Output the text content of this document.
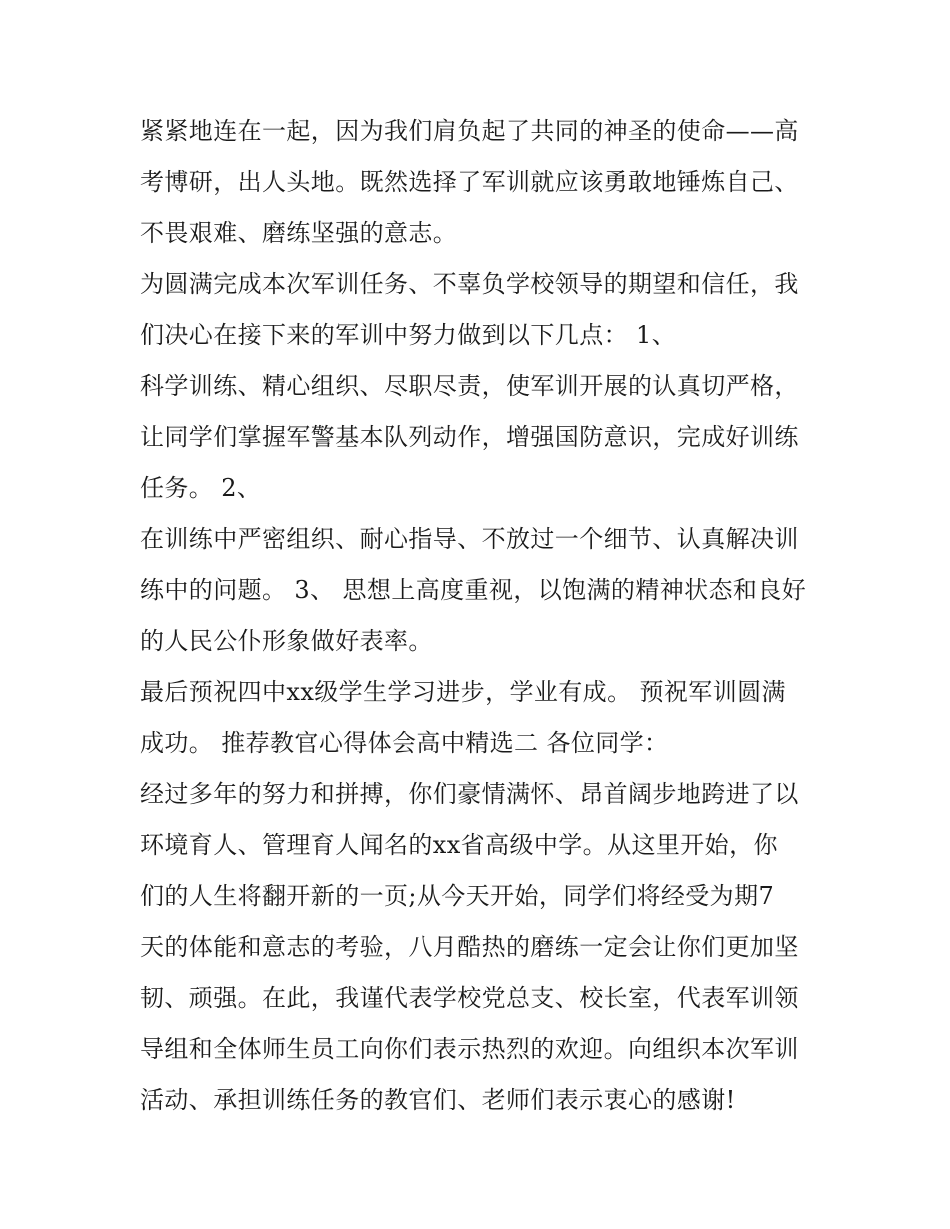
紧紧地连在一起，因为我们肩负起了共同的神圣的使命——高
考博研，出人头地。既然选择了军训就应该勇敢地锤炼自己、
不畏艰难、磨练坚强的意志。
为圆满完成本次军训任务、不辜负学校领导的期望和信任，我
们决心在接下来的军训中努力做到以下几点： 1、
科学训练、精心组织、尽职尽责，使军训开展的认真切严格，
让同学们掌握军警基本队列动作，增强国防意识，完成好训练
任务。 2、
在训练中严密组织、耐心指导、不放过一个细节、认真解决训
练中的问题。 3、 思想上高度重视，以饱满的精神状态和良好
的人民公仆形象做好表率。
最后预祝四中xx级学生学习进步，学业有成。 预祝军训圆满
成功。 推荐教官心得体会高中精选二 各位同学：
经过多年的努力和拼搏，你们豪情满怀、昂首阔步地跨进了以
环境育人、管理育人闻名的xx省高级中学。从这里开始，你
们的人生将翻开新的一页;从今天开始，同学们将经受为期7
天的体能和意志的考验，八月酷热的磨练一定会让你们更加坚
韧、顽强。在此，我谨代表学校党总支、校长室，代表军训领
导组和全体师生员工向你们表示热烈的欢迎。向组织本次军训
活动、承担训练任务的教官们、老师们表示衷心的感谢!
